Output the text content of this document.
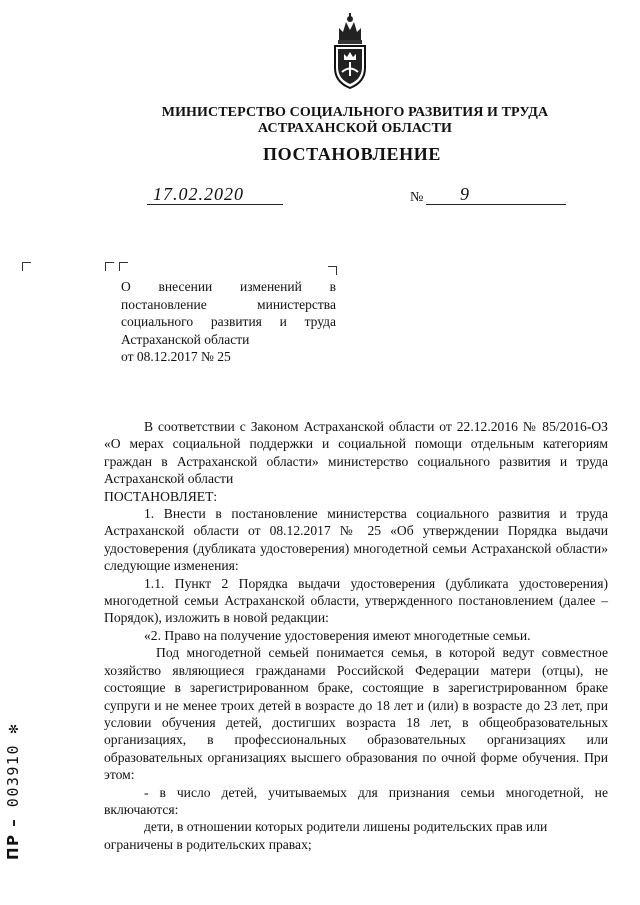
МИНИСТЕРСТВО СОЦИАЛЬНОГО РАЗВИТИЯ И ТРУДА
АСТРАХАНСКОЙ ОБЛАСТИ
ПОСТАНОВЛЕНИЕ
17.02.2020	№	9
О внесении изменений в
постановление министерства
социального развития и труда
Астраханской области
от 08.12.2017 № 25

В соответствии с Законом Астраханской области от 22.12.2016 № 85/2016-ОЗ «О мерах социальной поддержки и социальной помощи отдельным категориям граждан в Астраханской области» министерство социального развития и труда Астраханской области

ПОСТАНОВЛЯЕТ:

1. Внести в постановление министерства социального развития и труда Астраханской области от 08.12.2017 № 25 «Об утверждении Порядка выдачи удостоверения (дубликата удостоверения) многодетной семьи Астраханской области» следующие изменения:

1.1. Пункт 2 Порядка выдачи удостоверения (дубликата удостоверения) многодетной семьи Астраханской области, утвержденного постановлением (далее – Порядок), изложить в новой редакции:

«2. Право на получение удостоверения имеют многодетные семьи.

Под многодетной семьей понимается семья, в которой ведут совместное хозяйство являющиеся гражданами Российской Федерации матери (отцы), не состоящие в зарегистрированном браке, состоящие в зарегистрированном браке супруги и не менее троих детей в возрасте до 18 лет и (или) в возрасте до 23 лет, при условии обучения детей, достигших возраста 18 лет, в общеобразовательных организациях, в профессиональных образовательных организациях или образовательных организациях высшего образования по очной форме обучения. При этом:

- в число детей, учитываемых для признания семьи многодетной, не включаются:

дети, в отношении которых родители лишены родительских прав или ограничены в родительских правах;

ПР – 003910 ✻
